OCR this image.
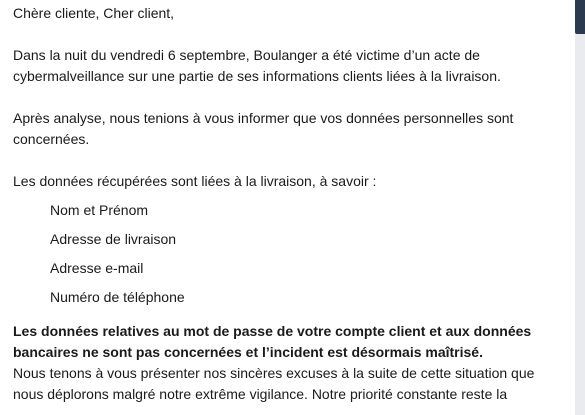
Chère cliente, Cher client,

Dans la nuit du vendredi 6 septembre, Boulanger a été victime d’un acte de cybermalveillance sur une partie de ses informations clients liées à la livraison.

Après analyse, nous tenions à vous informer que vos données personnelles sont concernées.

Les données récupérées sont liées à la livraison, à savoir :

Nom et Prénom
Adresse de livraison
Adresse e-mail
Numéro de téléphone

Les données relatives au mot de passe de votre compte client et aux données bancaires ne sont pas concernées et l’incident est désormais maîtrisé.

Nous tenons à vous présenter nos sincères excuses à la suite de cette situation que nous déplorons malgré notre extrême vigilance. Notre priorité constante reste la
